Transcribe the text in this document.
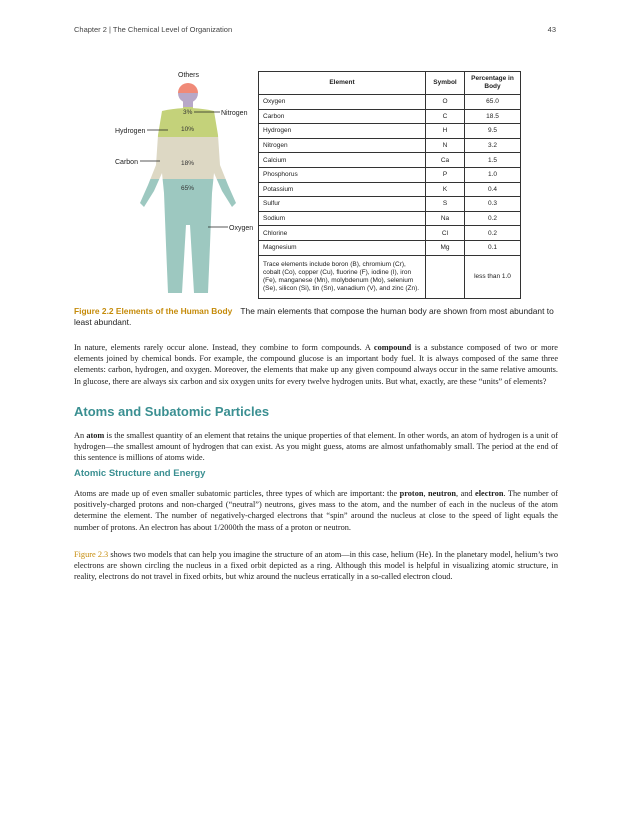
Chapter 2 | The Chemical Level of Organization	43
Others
Nitrogen
Hydrogen
Carbon
Oxygen
3%
10%
18%
65%
Element	Symbol	Percentage in Body
Oxygen	O	65.0
Carbon	C	18.5
Hydrogen	H	9.5
Nitrogen	N	3.2
Calcium	Ca	1.5
Phosphorus	P	1.0
Potassium	K	0.4
Sulfur	S	0.3
Sodium	Na	0.2
Chlorine	Cl	0.2
Magnesium	Mg	0.1
Trace elements include boron (B), chromium (Cr), cobalt (Co), copper (Cu), fluorine (F), iodine (I), iron (Fe), manganese (Mn), molybdenum (Mo), selenium (Se), silicon (Si), tin (Sn), vanadium (V), and zinc (Zn).		less than 1.0
Figure 2.2 Elements of the Human Body The main elements that compose the human body are shown from most abundant to least abundant.

In nature, elements rarely occur alone. Instead, they combine to form compounds. A compound is a substance composed of two or more elements joined by chemical bonds. For example, the compound glucose is an important body fuel. It is always composed of the same three elements: carbon, hydrogen, and oxygen. Moreover, the elements that make up any given compound always occur in the same relative amounts. In glucose, there are always six carbon and six oxygen units for every twelve hydrogen units. But what, exactly, are these “units” of elements?

Atoms and Subatomic Particles

An atom is the smallest quantity of an element that retains the unique properties of that element. In other words, an atom of hydrogen is a unit of hydrogen—the smallest amount of hydrogen that can exist. As you might guess, atoms are almost unfathomably small. The period at the end of this sentence is millions of atoms wide.

Atomic Structure and Energy

Atoms are made up of even smaller subatomic particles, three types of which are important: the proton, neutron, and electron. The number of positively-charged protons and non-charged (“neutral”) neutrons, gives mass to the atom, and the number of each in the nucleus of the atom determine the element. The number of negatively-charged electrons that “spin” around the nucleus at close to the speed of light equals the number of protons. An electron has about 1/2000th the mass of a proton or neutron.

Figure 2.3 shows two models that can help you imagine the structure of an atom—in this case, helium (He). In the planetary model, helium’s two electrons are shown circling the nucleus in a fixed orbit depicted as a ring. Although this model is helpful in visualizing atomic structure, in reality, electrons do not travel in fixed orbits, but whiz around the nucleus erratically in a so-called electron cloud.
